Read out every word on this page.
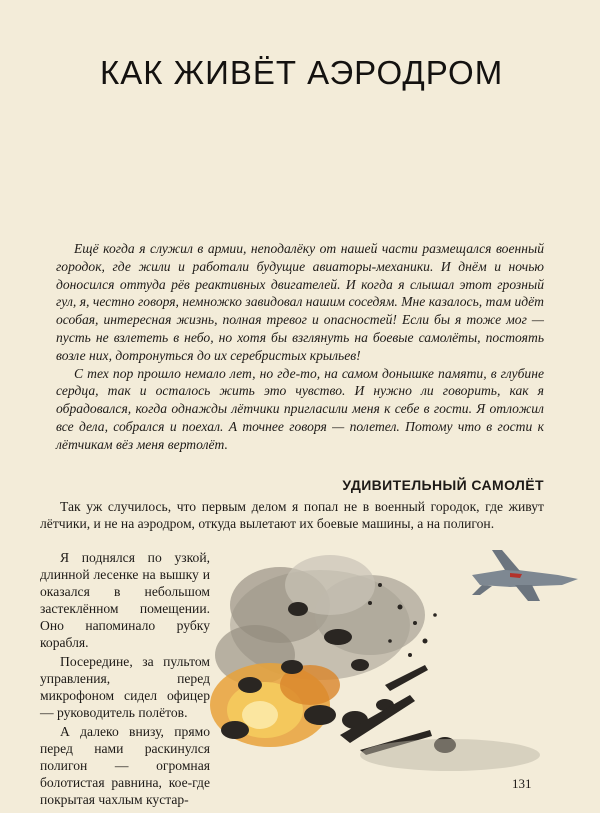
КАК ЖИВЁТ АЭРОДРОМ

Ещё когда я служил в армии, неподалёку от нашей части размещался военный городок, где жили и работали будущие авиаторы-механики. И днём и ночью доносился оттуда рёв реактивных двигателей. И когда я слышал этот грозный гул, я, честно говоря, немножко завидовал нашим соседям. Мне казалось, там идёт особая, интересная жизнь, полная тревог и опасностей! Если бы я тоже мог — пусть не взлететь в небо, но хотя бы взглянуть на боевые самолёты, постоять возле них, дотронуться до их серебристых крыльев!

С тех пор прошло немало лет, но где-то, на самом донышке памяти, в глубине сердца, так и осталось жить это чувство. И нужно ли говорить, как я обрадовался, когда однажды лётчики пригласили меня к себе в гости. Я отложил все дела, собрался и поехал. А точнее говоря — полетел. Потому что в гости к лётчикам вёз меня вертолёт.

УДИВИТЕЛЬНЫЙ САМОЛЁТ

Так уж случилось, что первым делом я попал не в военный городок, где живут лётчики, и не на аэродром, откуда вылетают их боевые машины, а на полигон.

Я поднялся по узкой, длинной лесенке на вышку и оказался в небольшом застеклённом помещении. Оно напоминало рубку корабля.

Посередине, за пультом управления, перед микрофоном сидел офицер — руководитель полётов.

А далеко внизу, прямо перед нами раскинулся полигон — огромная болотистая равнина, кое-где покрытая чахлым кустар-

131
